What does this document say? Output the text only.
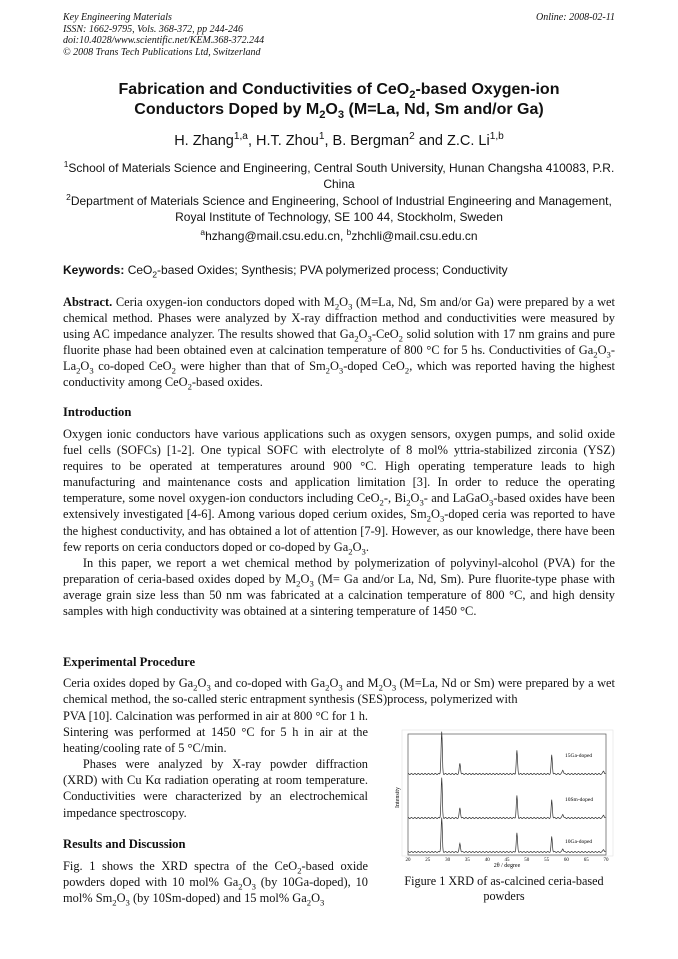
Key Engineering Materials
ISSN: 1662-9795, Vols. 368-372, pp 244-246
doi:10.4028/www.scientific.net/KEM.368-372.244
© 2008 Trans Tech Publications Ltd, Switzerland
Online: 2008-02-11
Fabrication and Conductivities of CeO$_2$-based Oxygen-ion
Conductors Doped by $M_2O_3$ (M=La, Nd, Sm and/or Ga)
H. Zhang$^{1,a}$, H.T. Zhou$^1$, B. Bergman$^2$ and Z.C. Li$^{1,b}$
$^1$School of Materials Science and Engineering, Central South University, Hunan Changsha 410083, P.R. China
$^2$Department of Materials Science and Engineering, School of Industrial Engineering and Management, Royal Institute of Technology, SE 100 44, Stockholm, Sweden
$^a$hzhang@mail.csu.edu.cn, $^b$zhchli@mail.csu.edu.cn
Keywords: CeO$_2$-based Oxides; Synthesis; PVA polymerized process; Conductivity
Abstract. Ceria oxygen-ion conductors doped with $M_2O_3$ (M=La, Nd, Sm and/or Ga) were prepared by a wet chemical method. Phases were analyzed by X-ray diffraction method and conductivities were measured by using AC impedance analyzer. The results showed that $Ga_2O_3-CeO_2$ solid solution with 17 nm grains and pure fluorite phase had been obtained even at calcination temperature of 800 °C for 5 hs. Conductivities of $Ga_2O_3-La_2O_3$ co-doped CeO$_2$ were higher than that of $Sm_2O_3$-doped CeO$_2$, which was reported having the highest conductivity among CeO$_2$-based oxides.
Introduction
Oxygen ionic conductors have various applications such as oxygen sensors, oxygen pumps, and solid oxide fuel cells (SOFCs) [1-2]. One typical SOFC with electrolyte of 8 mol% yttria-stabilized zirconia (YSZ) requires to be operated at temperatures around 900 °C. High operating temperature leads to high manufacturing and maintenance costs and application limitation [3]. In order to reduce the operating temperature, some novel oxygen-ion conductors including CeO$_2$-, $Bi_2O_3-$ and LaGaO$_3$-based oxides have been extensively investigated [4-6]. Among various doped cerium oxides, $Sm_2O_3$-doped ceria was reported to have the highest conductivity, and has obtained a lot of attention [7-9]. However, as our knowledge, there have been few reports on ceria conductors doped or co-doped by $Ga_2O_3$.
In this paper, we report a wet chemical method by polymerization of polyvinyl-alcohol (PVA) for the preparation of ceria-based oxides doped by $M_2O_3$ (M= Ga and/or La, Nd, Sm). Pure fluorite-type phase with average grain size less than 50 nm was fabricated at a calcination temperature of 800 °C, and high density samples with high conductivity was obtained at a sintering temperature of 1450 °C.
Experimental Procedure
Ceria oxides doped by $Ga_2O_3$ and co-doped with $Ga_2O_3$ and $M_2O_3$ (M=La, Nd or Sm) were prepared by a wet chemical method, the so-called steric entrapment synthesis (SES)process, polymerized with
PVA [10]. Calcination was performed in air at 800 °C for 1 h. Sintering was performed at 1450 °C for 5 h in air at the heating/cooling rate of 5 °C/min.
Phases were analyzed by X-ray powder diffraction (XRD) with Cu Kα radiation operating at room temperature. Conductivities were characterized by an electrochemical impedance spectroscopy.
Results and Discussion
Fig. 1 shows the XRD spectra of the CeO$_2$-based oxide powders doped with 10 mol% $Ga_2O_3$ (by 10Ga-doped), 10 mol% $Sm_2O_3$ (by 10Sm-doped) and 15 mol% $Ga_2O_3$
15Ga-doped
10Sm-doped
10Ga-doped
Intensity
20	25	30	35	40	45	50	55	60	65	70
2θ / degree
Figure 1 XRD of as-calcined ceria-based powders
